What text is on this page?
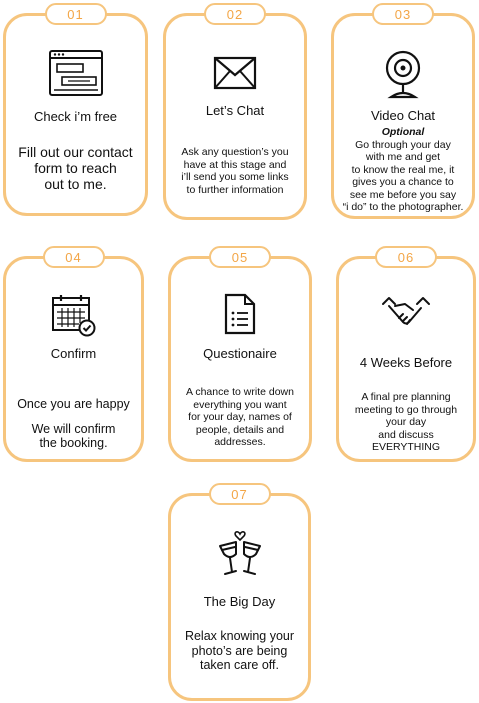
01
Check i’m free
Fill out our contact
form to reach
out to me.
02
Let’s Chat
Ask any question’s you
have at this stage and
i’ll send you some links
to further information
03
Video Chat
Optional
Go through your day
with me and get
to know the real me, it
gives you a chance to
see me before you say
“i do” to the photographer.
04
Confirm
Once you are happy
We will confirm
the booking.
05
Questionaire
A chance to write down
everything you want
for your day, names of
people, details and
addresses.
06
4 Weeks Before
A final pre planning
meeting to go through
your day
and discuss EVERYTHING
07
The Big Day
Relax knowing your
photo’s are being
taken care off.
